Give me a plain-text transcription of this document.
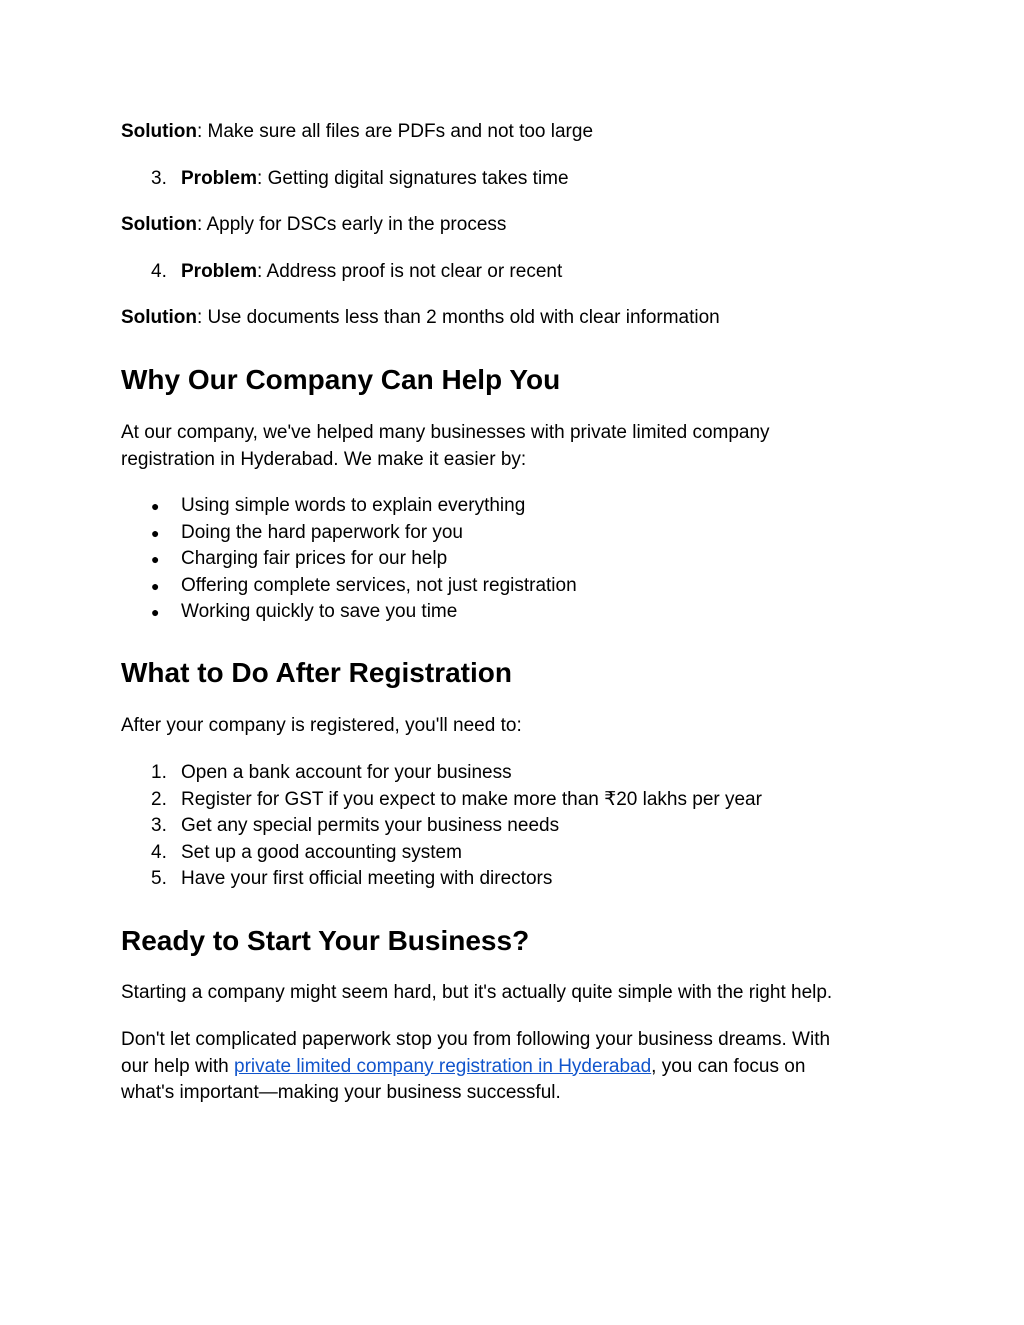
Solution: Make sure all files are PDFs and not too large
3. Problem: Getting digital signatures takes time
Solution: Apply for DSCs early in the process
4. Problem: Address proof is not clear or recent
Solution: Use documents less than 2 months old with clear information
Why Our Company Can Help You
At our company, we've helped many businesses with private limited company
registration in Hyderabad. We make it easier by:
● Using simple words to explain everything
● Doing the hard paperwork for you
● Charging fair prices for our help
● Offering complete services, not just registration
● Working quickly to save you time
What to Do After Registration
After your company is registered, you'll need to:
1. Open a bank account for your business
2. Register for GST if you expect to make more than ₹20 lakhs per year
3. Get any special permits your business needs
4. Set up a good accounting system
5. Have your first official meeting with directors
Ready to Start Your Business?
Starting a company might seem hard, but it's actually quite simple with the right help.
Don't let complicated paperwork stop you from following your business dreams. With
our help with private limited company registration in Hyderabad, you can focus on
what's important—making your business successful.
